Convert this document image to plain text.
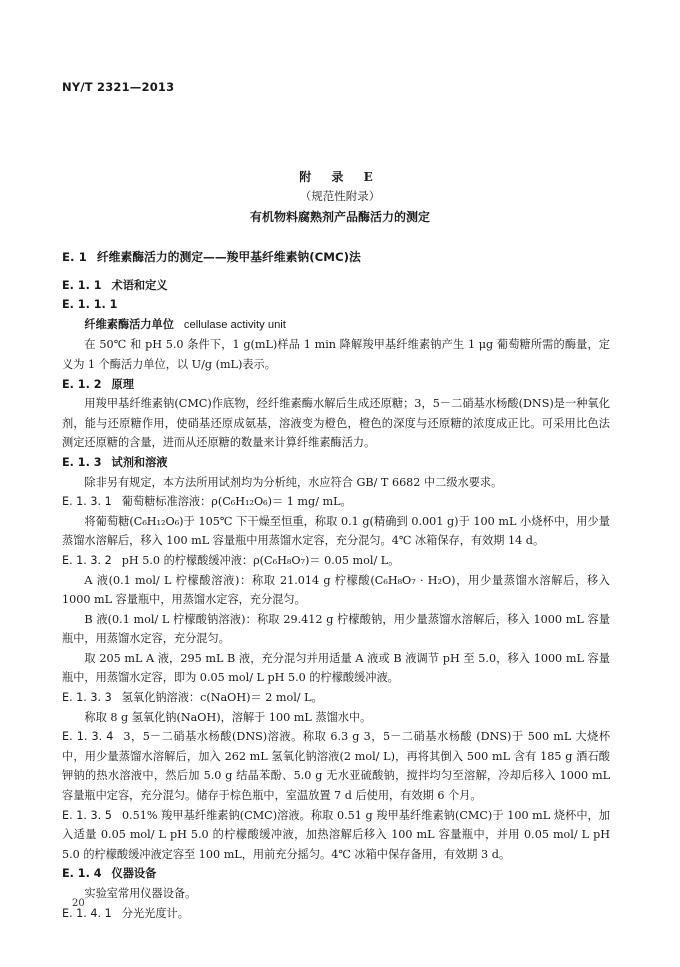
NY/T 2321—2013
附 录 E
（规范性附录）
有机物料腐熟剂产品酶活力的测定

E. 1 纤维素酶活力的测定——羧甲基纤维素钠(CMC)法

E. 1. 1 术语和定义

E. 1. 1. 1

纤维素酶活力单位 cellulase activity unit

在 50℃ 和 pH 5.0 条件下，1 g(mL)样品 1 min 降解羧甲基纤维素钠产生 1 μg 葡萄糖所需的酶量，定义为 1 个酶活力单位，以 U/g (mL)表示。

E. 1. 2 原理

用羧甲基纤维素钠(CMC)作底物，经纤维素酶水解后生成还原糖；3，5－二硝基水杨酸(DNS)是一种氧化剂，能与还原糖作用，使硝基还原成氨基，溶液变为橙色，橙色的深度与还原糖的浓度成正比。可采用比色法测定还原糖的含量，进而从还原糖的数量来计算纤维素酶活力。

E. 1. 3 试剂和溶液

除非另有规定，本方法所用试剂均为分析纯，水应符合 GB/ T 6682 中二级水要求。

E. 1. 3. 1 葡萄糖标准溶液：ρ(C₆H₁₂O₆)＝ 1 mg/ mL。

将葡萄糖(C₆H₁₂O₆)于 105℃ 下干燥至恒重，称取 0.1 g(精确到 0.001 g)于 100 mL 小烧杯中，用少量蒸馏水溶解后，移入 100 mL 容量瓶中用蒸馏水定容，充分混匀。4℃ 冰箱保存，有效期 14 d。

E. 1. 3. 2 pH 5.0 的柠檬酸缓冲液：ρ(C₆H₈O₇)＝ 0.05 mol/ L。

A 液(0.1 mol/ L 柠檬酸溶液)：称取 21.014 g 柠檬酸(C₆H₈O₇ · H₂O)，用少量蒸馏水溶解后，移入 1000 mL 容量瓶中，用蒸馏水定容，充分混匀。

B 液(0.1 mol/ L 柠檬酸钠溶液)：称取 29.412 g 柠檬酸钠，用少量蒸馏水溶解后，移入 1000 mL 容量瓶中，用蒸馏水定容，充分混匀。

取 205 mL A 液，295 mL B 液，充分混匀并用适量 A 液或 B 液调节 pH 至 5.0，移入 1000 mL 容量瓶中，用蒸馏水定容，即为 0.05 mol/ L pH 5.0 的柠檬酸缓冲液。

E. 1. 3. 3 氢氧化钠溶液：c(NaOH)＝ 2 mol/ L。

称取 8 g 氢氧化钠(NaOH)，溶解于 100 mL 蒸馏水中。

E. 1. 3. 4 3，5－二硝基水杨酸(DNS)溶液。称取 6.3 g 3，5－二硝基水杨酸 (DNS)于 500 mL 大烧杯中，用少量蒸馏水溶解后，加入 262 mL 氢氧化钠溶液(2 mol/ L)，再将其倒入 500 mL 含有 185 g 酒石酸钾钠的热水溶液中，然后加 5.0 g 结晶苯酚、5.0 g 无水亚硫酸钠，搅拌均匀至溶解，冷却后移入 1000 mL 容量瓶中定容，充分混匀。储存于棕色瓶中，室温放置 7 d 后使用，有效期 6 个月。

E. 1. 3. 5 0.51% 羧甲基纤维素钠(CMC)溶液。称取 0.51 g 羧甲基纤维素钠(CMC)于 100 mL 烧杯中，加入适量 0.05 mol/ L pH 5.0 的柠檬酸缓冲液，加热溶解后移入 100 mL 容量瓶中，并用 0.05 mol/ L pH 5.0 的柠檬酸缓冲液定容至 100 mL，用前充分摇匀。4℃ 冰箱中保存备用，有效期 3 d。

E. 1. 4 仪器设备

实验室常用仪器设备。

E. 1. 4. 1 分光光度计。

20
